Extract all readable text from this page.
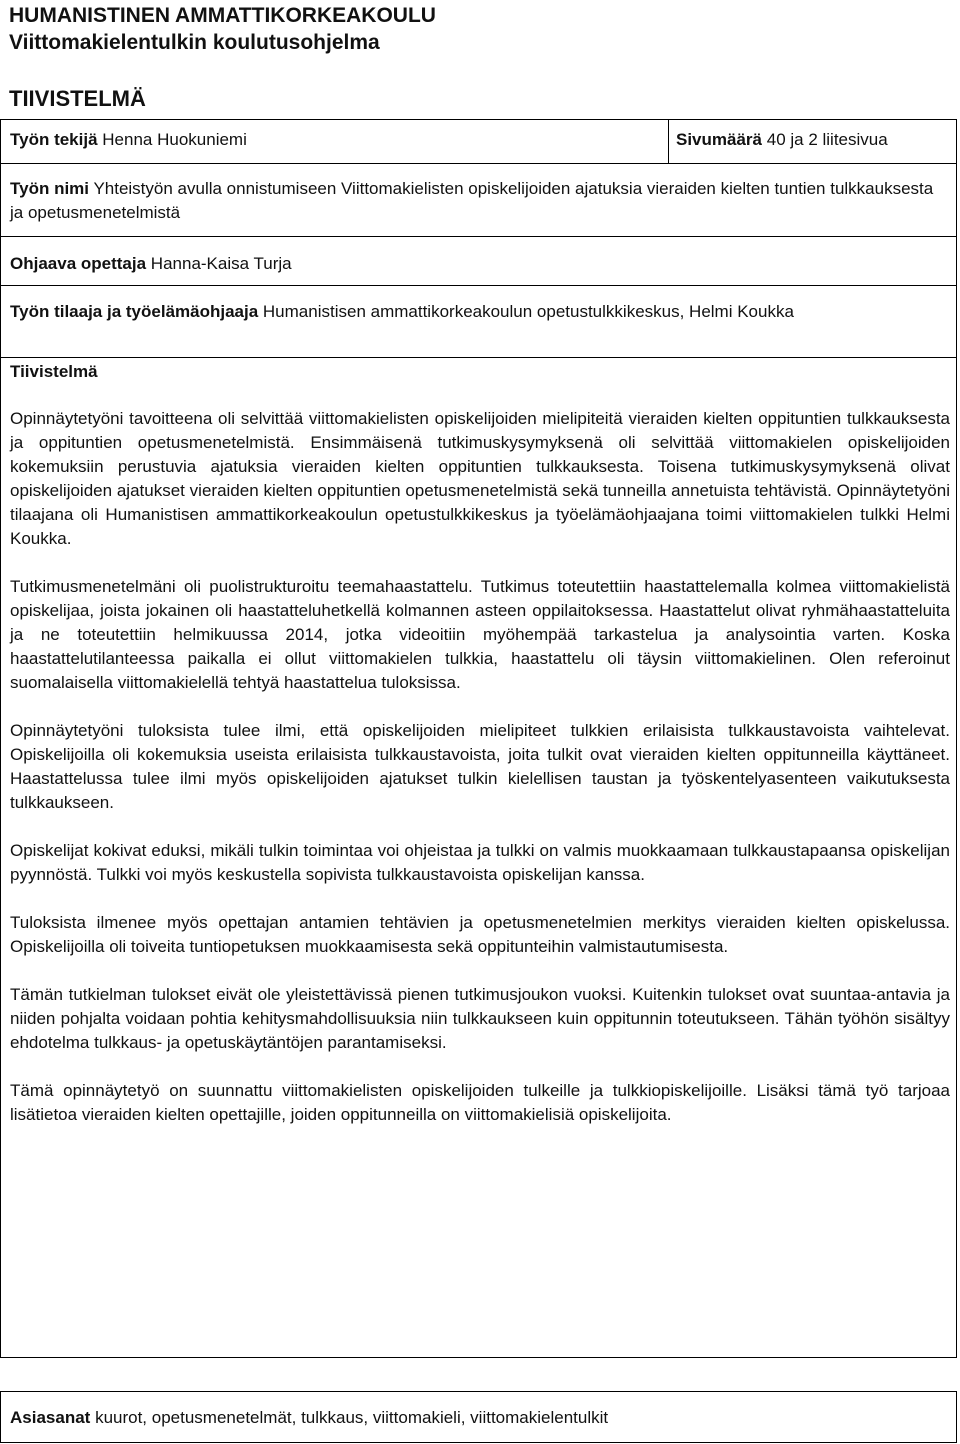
HUMANISTINEN AMMATTIKORKEAKOULU
Viittomakielentulkin koulutusohjelma
TIIVISTELMÄ
Työn tekijä Henna Huokuniemi	Sivumäärä 40 ja 2 liitesivua
Työn nimi Yhteistyön avulla onnistumiseen Viittomakielisten opiskelijoiden ajatuksia vieraiden kielten tuntien tulkkauksesta ja opetusmenetelmistä
Ohjaava opettaja Hanna-Kaisa Turja
Työn tilaaja ja työelämäohjaaja Humanistisen ammattikorkeakoulun opetustulkkikeskus, Helmi Koukka
Tiivistelmä

Opinnäytetyöni tavoitteena oli selvittää viittomakielisten opiskelijoiden mielipiteitä vieraiden kielten oppituntien tulkkauksesta ja oppituntien opetusmenetelmistä. Ensimmäisenä tutkimuskysymyksenä oli selvittää viittomakielen opiskelijoiden kokemuksiin perustuvia ajatuksia vieraiden kielten oppituntien tulkkauksesta. Toisena tutkimuskysymyksenä olivat opiskelijoiden ajatukset vieraiden kielten oppituntien opetusmenetelmistä sekä tunneilla annetuista tehtävistä. Opinnäytetyöni tilaajana oli Humanistisen ammattikorkeakoulun opetustulkkikeskus ja työelämäohjaajana toimi viittomakielen tulkki Helmi Koukka.

Tutkimusmenetelmäni oli puolistrukturoitu teemahaastattelu. Tutkimus toteutettiin haastattelemalla kolmea viittomakielistä opiskelijaa, joista jokainen oli haastatteluhetkellä kolmannen asteen oppilaitoksessa. Haastattelut olivat ryhmähaastatteluita ja ne toteutettiin helmikuussa 2014, jotka videoitiin myöhempää tarkastelua ja analysointia varten. Koska haastattelutilanteessa paikalla ei ollut viittomakielen tulkkia, haastattelu oli täysin viittomakielinen. Olen referoinut suomalaisella viittomakielellä tehtyä haastattelua tuloksissa.

Opinnäytetyöni tuloksista tulee ilmi, että opiskelijoiden mielipiteet tulkkien erilaisista tulkkaustavoista vaihtelevat. Opiskelijoilla oli kokemuksia useista erilaisista tulkkaustavoista, joita tulkit ovat vieraiden kielten oppitunneilla käyttäneet. Haastattelussa tulee ilmi myös opiskelijoiden ajatukset tulkin kielellisen taustan ja työskentelyasenteen vaikutuksesta tulkkaukseen.

Opiskelijat kokivat eduksi, mikäli tulkin toimintaa voi ohjeistaa ja tulkki on valmis muokkaamaan tulkkaustapaansa opiskelijan pyynnöstä. Tulkki voi myös keskustella sopivista tulkkaustavoista opiskelijan kanssa.

Tuloksista ilmenee myös opettajan antamien tehtävien ja opetusmenetelmien merkitys vieraiden kielten opiskelussa. Opiskelijoilla oli toiveita tuntiopetuksen muokkaamisesta sekä oppitunteihin valmistautumisesta.

Tämän tutkielman tulokset eivät ole yleistettävissä pienen tutkimusjoukon vuoksi. Kuitenkin tulokset ovat suuntaa-antavia ja niiden pohjalta voidaan pohtia kehitysmahdollisuuksia niin tulkkaukseen kuin oppitunnin toteutukseen. Tähän työhön sisältyy ehdotelma tulkkaus- ja opetuskäytäntöjen parantamiseksi.

Tämä opinnäytetyö on suunnattu viittomakielisten opiskelijoiden tulkeille ja tulkkiopiskelijoille. Lisäksi tämä työ tarjoaa lisätietoa vieraiden kielten opettajille, joiden oppitunneilla on viittomakielisiä opiskelijoita.

Asiasanat kuurot, opetusmenetelmät, tulkkaus, viittomakieli, viittomakielentulkit
